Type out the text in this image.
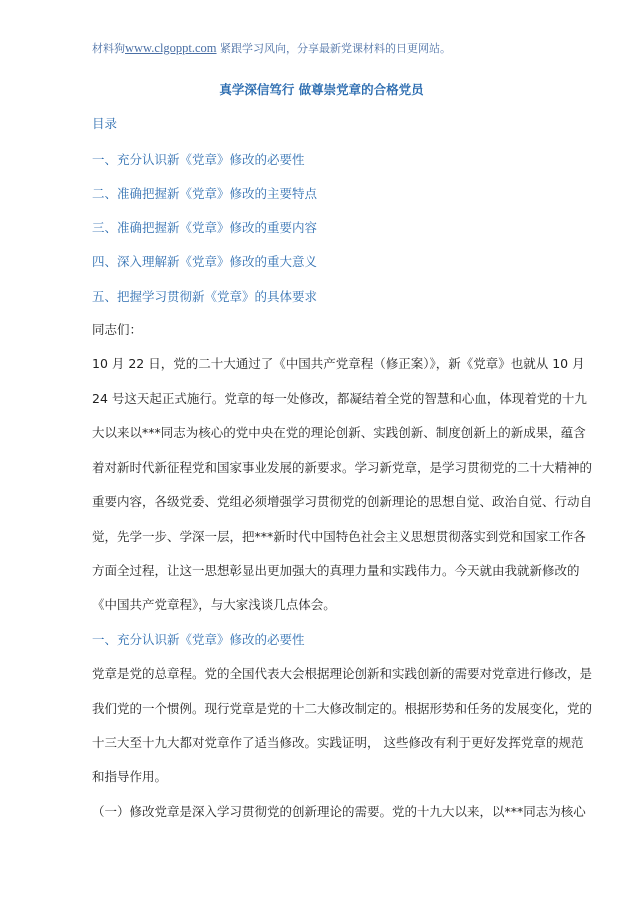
材料狗www.clgoppt.com 紧跟学习风向，分享最新党课材料的日更网站。
真学深信笃行 做尊崇党章的合格党员
目录
一、充分认识新《党章》修改的必要性
二、准确把握新《党章》修改的主要特点
三、准确把握新《党章》修改的重要内容
四、深入理解新《党章》修改的重大意义
五、把握学习贯彻新《党章》的具体要求
同志们：
10 月 22 日，党的二十大通过了《中国共产党章程（修正案）》，新《党章》也就从 10 月
24 号这天起正式施行。党章的每一处修改，都凝结着全党的智慧和心血，体现着党的十九
大以来以***同志为核心的党中央在党的理论创新、实践创新、制度创新上的新成果，蕴含
着对新时代新征程党和国家事业发展的新要求。学习新党章，是学习贯彻党的二十大精神的
重要内容，各级党委、党组必须增强学习贯彻党的创新理论的思想自觉、政治自觉、行动自
觉，先学一步、学深一层，把***新时代中国特色社会主义思想贯彻落实到党和国家工作各
方面全过程，让这一思想彰显出更加强大的真理力量和实践伟力。今天就由我就新修改的
《中国共产党章程》，与大家浅谈几点体会。
一、充分认识新《党章》修改的必要性
党章是党的总章程。党的全国代表大会根据理论创新和实践创新的需要对党章进行修改，是
我们党的一个惯例。现行党章是党的十二大修改制定的。根据形势和任务的发展变化，党的
十三大至十九大都对党章作了适当修改。实践证明， 这些修改有利于更好发挥党章的规范
和指导作用。
（一）修改党章是深入学习贯彻党的创新理论的需要。党的十九大以来，以***同志为核心
